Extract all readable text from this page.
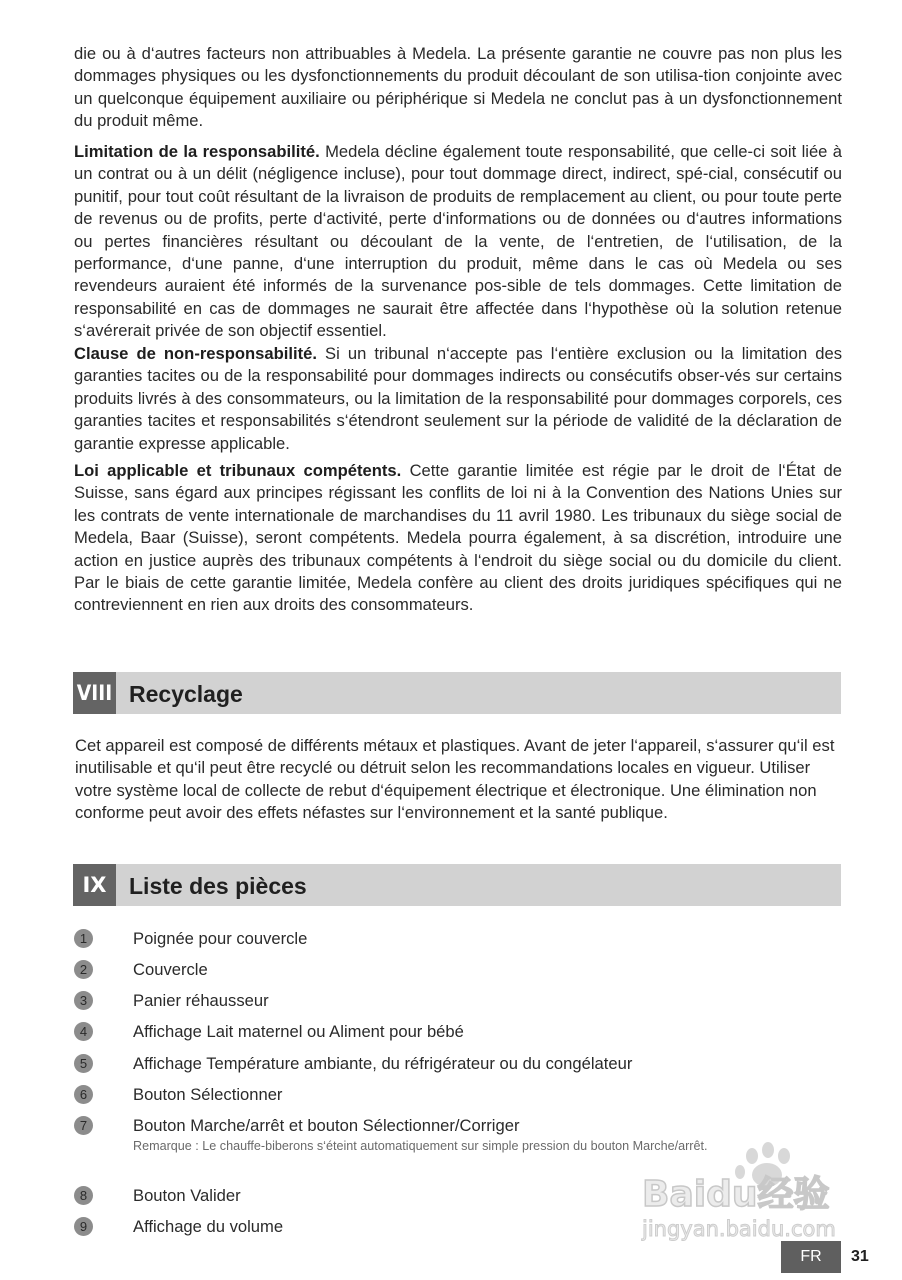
die ou à d‘autres facteurs non attribuables à Medela. La présente garantie ne couvre pas non plus les dommages physiques ou les dysfonctionnements du produit découlant de son utilisa-tion conjointe avec un quelconque équipement auxiliaire ou périphérique si Medela ne conclut pas à un dysfonctionnement du produit même.

Limitation de la responsabilité. Medela décline également toute responsabilité, que celle-ci soit liée à un contrat ou à un délit (négligence incluse), pour tout dommage direct, indirect, spé-cial, consécutif ou punitif, pour tout coût résultant de la livraison de produits de remplacement au client, ou pour toute perte de revenus ou de profits, perte d‘activité, perte d‘informations ou de données ou d‘autres informations ou pertes financières résultant ou découlant de la vente, de l‘entretien, de l‘utilisation, de la performance, d‘une panne, d‘une interruption du produit, même dans le cas où Medela ou ses revendeurs auraient été informés de la survenance pos-sible de tels dommages. Cette limitation de responsabilité en cas de dommages ne saurait être affectée dans l‘hypothèse où la solution retenue s‘avérerait privée de son objectif essentiel.

Clause de non-responsabilité. Si un tribunal n‘accepte pas l‘entière exclusion ou la limitation des garanties tacites ou de la responsabilité pour dommages indirects ou consécutifs obser-vés sur certains produits livrés à des consommateurs, ou la limitation de la responsabilité pour dommages corporels, ces garanties tacites et responsabilités s‘étendront seulement sur la période de validité de la déclaration de garantie expresse applicable.

Loi applicable et tribunaux compétents. Cette garantie limitée est régie par le droit de l‘État de Suisse, sans égard aux principes régissant les conflits de loi ni à la Convention des Nations Unies sur les contrats de vente internationale de marchandises du 11 avril 1980. Les tribunaux du siège social de Medela, Baar (Suisse), seront compétents. Medela pourra également, à sa discrétion, introduire une action en justice auprès des tribunaux compétents à l‘endroit du siège social ou du domicile du client. Par le biais de cette garantie limitée, Medela confère au client des droits juridiques spécifiques qui ne contreviennent en rien aux droits des consommateurs.

VIII Recyclage

Cet appareil est composé de différents métaux et plastiques. Avant de jeter l‘appareil, s‘assurer qu‘il est inutilisable et qu‘il peut être recyclé ou détruit selon les recommandations locales en vigueur. Utiliser votre système local de collecte de rebut d‘équipement électrique et électronique. Une élimination non conforme peut avoir des effets néfastes sur l‘environnement et la santé publique.

IX Liste des pièces
1	Poignée pour couvercle
2	Couvercle
3	Panier réhausseur
4	Affichage Lait maternel ou Aliment pour bébé
5	Affichage Température ambiante, du réfrigérateur ou du congélateur
6	Bouton Sélectionner
7	Bouton Marche/arrêt et bouton Sélectionner/Corriger
Remarque : Le chauffe-biberons s‘éteint automatiquement sur simple pression du bouton Marche/arrêt.
8	Bouton Valider
9	Affichage du volume
Baidu经验
jingyan.baidu.com
FR	31
